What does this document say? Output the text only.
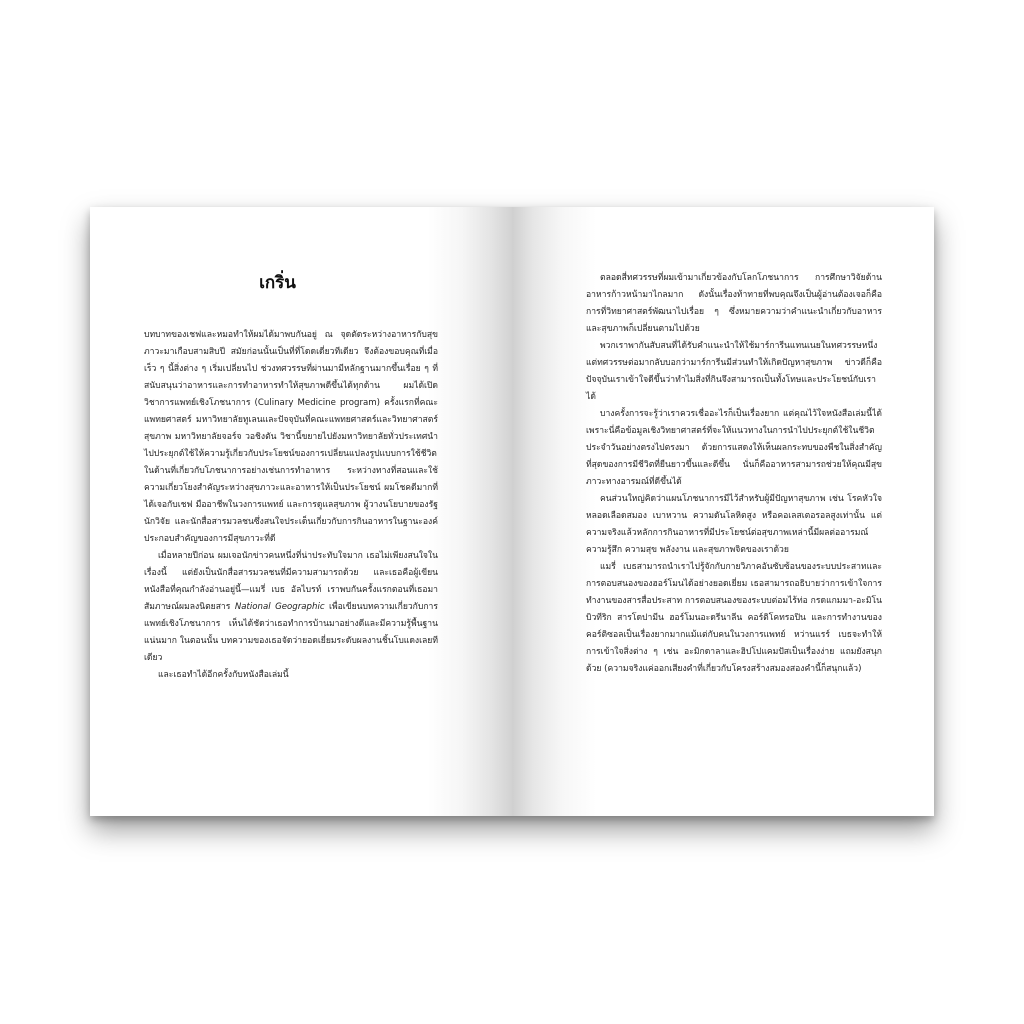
เกริ่น

บทบาทของเชฟและหมอทำให้ผมได้มาพบกันอยู่ ณ จุดตัดระหว่างอาหารกับสุขภาวะมาเกือบสามสิบปี สมัยก่อนนั้นเป็นที่ที่โดดเดี่ยวทีเดียว จึงต้องขอบคุณที่เมื่อเร็ว ๆ นี้สิ่งต่าง ๆ เริ่มเปลี่ยนไป ช่วงทศวรรษที่ผ่านมามีหลักฐานมากขึ้นเรื่อย ๆ ที่สนับสนุนว่าอาหารและการทำอาหารทำให้สุขภาพดีขึ้นได้ทุกด้าน ผมได้เปิดวิชาการแพทย์เชิงโภชนาการ (Culinary Medicine program) ครั้งแรกที่คณะแพทยศาสตร์ มหาวิทยาลัยทูเลนและปัจจุบันที่คณะแพทยศาสตร์และวิทยาศาสตร์สุขภาพ มหาวิทยาลัยจอร์จ วอชิงตัน วิชานี้ขยายไปยังมหาวิทยาลัยทั่วประเทศนำไปประยุกต์ใช้ให้ความรู้เกี่ยวกับประโยชน์ของการเปลี่ยนแปลงรูปแบบการใช้ชีวิตในด้านที่เกี่ยวกับโภชนาการอย่างเช่นการทำอาหาร ระหว่างทางที่สอนและใช้ความเกี่ยวโยงสำคัญระหว่างสุขภาวะและอาหารให้เป็นประโยชน์ ผมโชคดีมากที่ได้เจอกับเชฟ มืออาชีพในวงการแพทย์ และการดูแลสุขภาพ ผู้วางนโยบายของรัฐ นักวิจัย และนักสื่อสารมวลชนซึ่งสนใจประเด็นเกี่ยวกับการกินอาหารในฐานะองค์ประกอบสำคัญของการมีสุขภาวะที่ดี

เมื่อหลายปีก่อน ผมเจอนักข่าวคนหนึ่งที่น่าประทับใจมาก เธอไม่เพียงสนใจในเรื่องนี้ แต่ยังเป็นนักสื่อสารมวลชนที่มีความสามารถด้วย และเธอคือผู้เขียนหนังสือที่คุณกำลังอ่านอยู่นี้—แมรี่ เบธ อัลไบรท์ เราพบกันครั้งแรกตอนที่เธอมาสัมภาษณ์ผมลงนิตยสาร National Geographic เพื่อเขียนบทความเกี่ยวกับการแพทย์เชิงโภชนาการ เห็นได้ชัดว่าเธอทำการบ้านมาอย่างดีและมีความรู้พื้นฐานแน่นมาก ในตอนนั้น บทความของเธอจัดว่ายอดเยี่ยมระดับผลงานชิ้นโบแดงเลยทีเดียว

และเธอทำได้อีกครั้งกับหนังสือเล่มนี้

ตลอดสี่ทศวรรษที่ผมเข้ามาเกี่ยวข้องกับโลกโภชนาการ การศึกษาวิจัยด้านอาหารก้าวหน้ามาไกลมาก ดังนั้นเรื่องท้าทายที่พบคุณจึงเป็นผู้อ่านต้องเจอก็คือ การที่วิทยาศาสตร์พัฒนาไปเรื่อย ๆ ซึ่งหมายความว่าคำแนะนำเกี่ยวกับอาหารและสุขภาพก็เปลี่ยนตามไปด้วย

พวกเราพากันสับสนที่ได้รับคำแนะนำให้ใช้มาร์การีนแทนเนยในทศวรรษหนึ่ง แต่ทศวรรษต่อมากลับบอกว่ามาร์การีนมีส่วนทำให้เกิดปัญหาสุขภาพ ข่าวดีก็คือปัจจุบันเราเข้าใจดีขึ้นว่าทำไมสิ่งที่กินจึงสามารถเป็นทั้งโทษและประโยชน์กับเราได้

บางครั้งการจะรู้ว่าเราควรเชื่ออะไรก็เป็นเรื่องยาก แต่คุณไว้ใจหนังสือเล่มนี้ได้ เพราะนี่คือข้อมูลเชิงวิทยาศาสตร์ที่จะให้แนวทางในการนำไปประยุกต์ใช้ในชีวิตประจำวันอย่างตรงไปตรงมา ด้วยการแสดงให้เห็นผลกระทบของพืชในสิ่งสำคัญที่สุดของการมีชีวิตที่ยืนยาวขึ้นและดีขึ้น นั่นก็คืออาหารสามารถช่วยให้คุณมีสุขภาวะทางอารมณ์ที่ดีขึ้นได้

คนส่วนใหญ่คิดว่าแผนโภชนาการมีไว้สำหรับผู้มีปัญหาสุขภาพ เช่น โรคหัวใจ หลอดเลือดสมอง เบาหวาน ความดันโลหิตสูง หรือคอเลสเตอรอลสูงเท่านั้น แต่ความจริงแล้วหลักการกินอาหารที่มีประโยชน์ต่อสุขภาพเหล่านี้มีผลต่ออารมณ์ความรู้สึก ความสุข พลังงาน และสุขภาพจิตของเราด้วย

แมรี่ เบธสามารถนำเราไปรู้จักกับกายวิภาคอันซับซ้อนของระบบประสาทและการตอบสนองของฮอร์โมนได้อย่างยอดเยี่ยม เธอสามารถอธิบายว่าการเข้าใจการทำงานของสารสื่อประสาท การตอบสนองของระบบต่อมไร้ท่อ กรดแกมมา-อะมิโนบิวทีริก สารโดปามีน ฮอร์โมนอะดรีนาลีน คอร์ติโคทรอปิน และการทำงานของคอร์ติซอลเป็นเรื่องยากมากแม้แต่กับคนในวงการแพทย์ หว่านแรร์ เบธจะทำให้การเข้าใจสิ่งต่าง ๆ เช่น อะมิกดาลาและฮิปโปแคมปัสเป็นเรื่องง่าย แถมยังสนุกด้วย (ความจริงแค่ออกเสียงคำที่เกี่ยวกับโครงสร้างสมองสองคำนี้ก็สนุกแล้ว)
